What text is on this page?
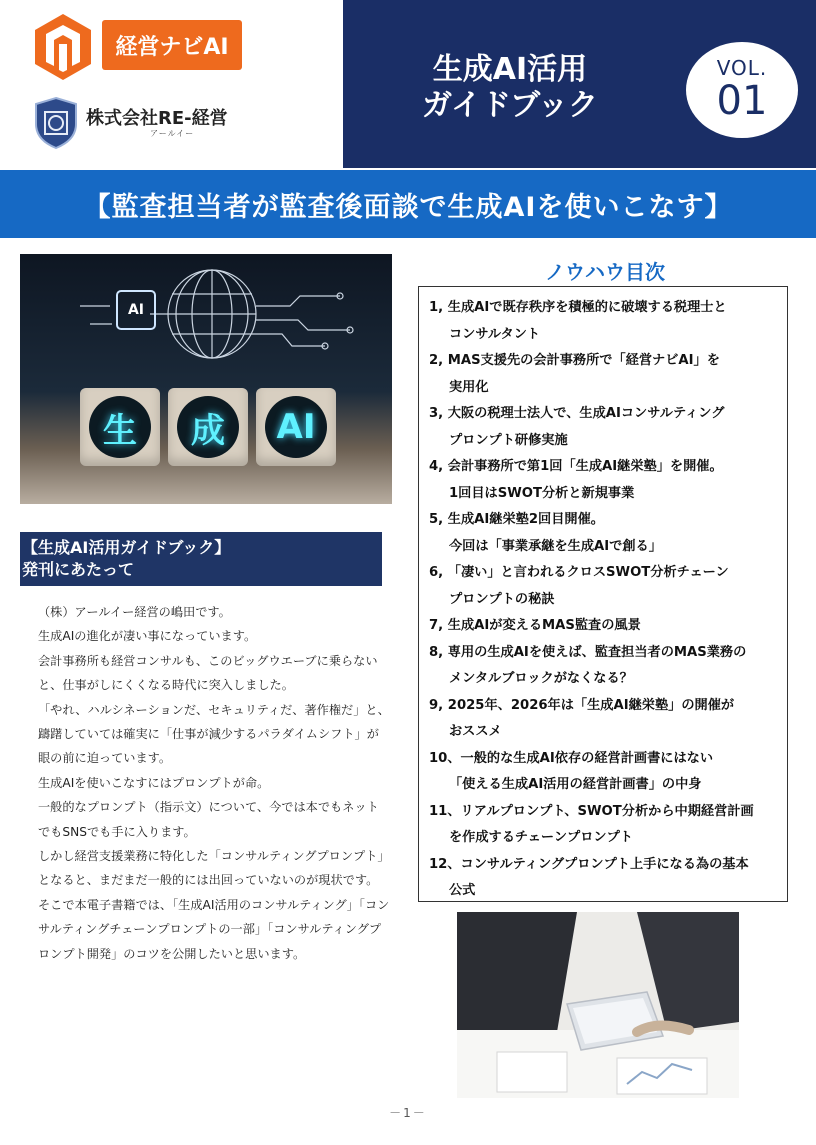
経営ナビAI
株式会社RE-経営
アールイー
生成AI活用
ガイドブック
VOL.
01
【監査担当者が監査後面談で生成AIを使いこなす】
AI
生	成	AI
【生成AI活用ガイドブック】
発刊にあたって

（株）アールイー経営の嶋田です。

生成AIの進化が凄い事になっています。

会計事務所も経営コンサルも、このビッグウエーブに乗らないと、仕事がしにくくなる時代に突入しました。

「やれ、ハルシネーションだ、セキュリティだ、著作権だ」と、躊躇していては確実に「仕事が減少するパラダイムシフト」が眼の前に迫っています。

生成AIを使いこなすにはプロンプトが命。

一般的なプロンプト（指示文）について、今では本でもネットでもSNSでも手に入ります。

しかし経営支援業務に特化した「コンサルティングプロンプト」となると、まだまだ一般的には出回っていないのが現状です。

そこで本電子書籍では、「生成AI活用のコンサルティング」「コンサルティングチェーンプロンプトの一部」「コンサルティングプロンプト開発」のコツを公開したいと思います。

ノウハウ目次
1, 生成AIで既存秩序を積極的に破壊する税理士と
コンサルタント
2, MAS支援先の会計事務所で「経営ナビAI」を
実用化
3, 大阪の税理士法人で、生成AIコンサルティング
プロンプト研修実施
4, 会計事務所で第1回「生成AI継栄塾」を開催。
1回目はSWOT分析と新規事業
5, 生成AI継栄塾2回目開催。
今回は「事業承継を生成AIで創る」
6, 「凄い」と言われるクロスSWOT分析チェーン
プロンプトの秘訣
7, 生成AIが変えるMAS監査の風景
8, 専用の生成AIを使えば、監査担当者のMAS業務の
メンタルブロックがなくなる？
9, 2025年、2026年は「生成AI継栄塾」の開催が
おススメ
10、一般的な生成AI依存の経営計画書にはない
「使える生成AI活用の経営計画書」の中身
11、リアルプロンプト、SWOT分析から中期経営計画
を作成するチェーンプロンプト
12、コンサルティングプロンプト上手になる為の基本
公式
－1－
